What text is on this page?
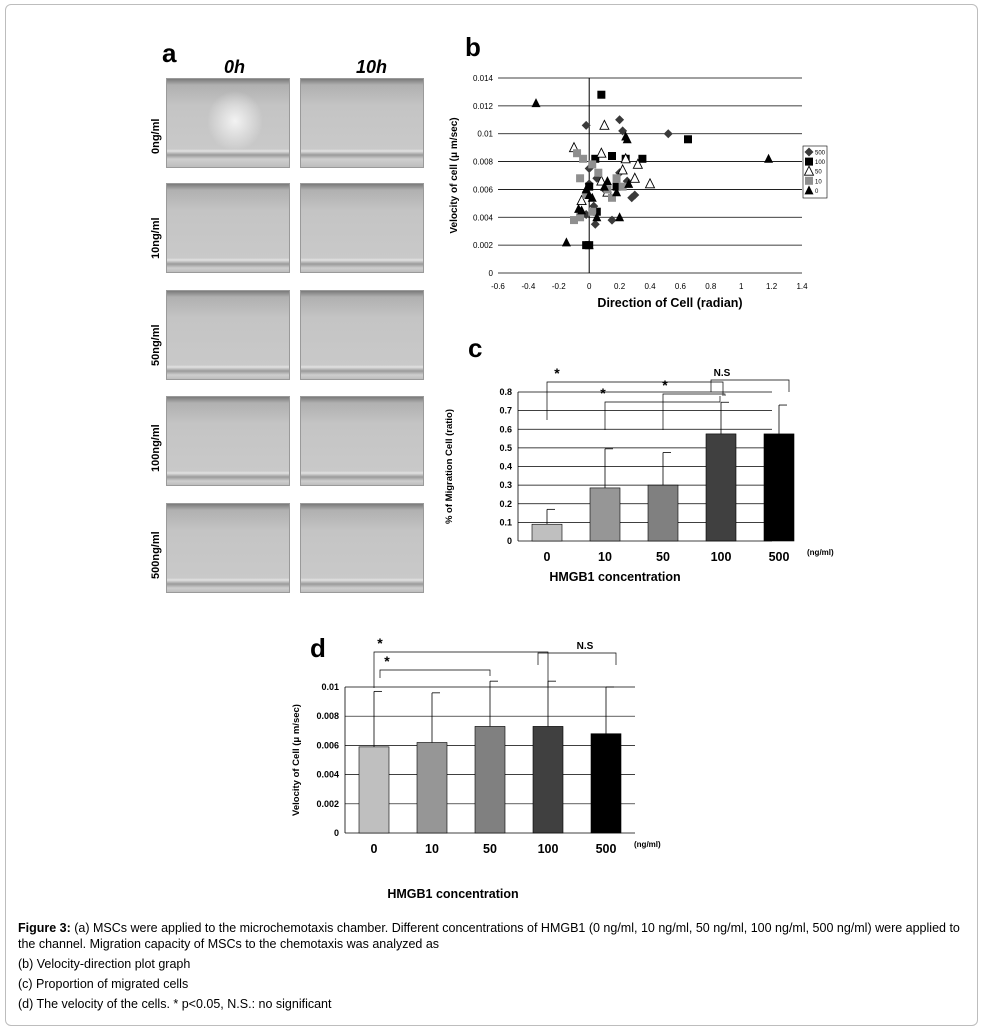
a	0h	10h
0ng/ml
10ng/ml
50ng/ml
100ng/ml
500ng/ml
b
0
0.002
0.004
0.006
0.008
0.01
0.012
0.014
-0.6 -0.4 -0.2	0	0.2 0.4 0.6 0.8	1	1.2 1.4
Direction of Cell (radian)
Velocity of cell (μ m/sec)	500
100
50
10
0
c
0
0.1
0.2
0.3
0.4
0.5
0.6
0.7
0.8
0	10	50	100	500 (ng/ml)
HMGB1 concentration
% of Migration Cell (ratio)
*
*	*
N.S
d
0
0.002
0.004
0.006
0.008
0.01
0	10	50	100	500 (ng/ml)
HMGB1 concentration
Velocity of Cell (μ m/sec)
*
*
N.S

Figure 3: (a) MSCs were applied to the microchemotaxis chamber. Different concentrations of HMGB1 (0 ng/ml, 10 ng/ml, 50 ng/ml, 100 ng/ml, 500 ng/ml) were applied to the channel. Migration capacity of MSCs to the chemotaxis was analyzed as

(b) Velocity-direction plot graph

(c) Proportion of migrated cells

(d) The velocity of the cells. * p<0.05, N.S.: no significant
